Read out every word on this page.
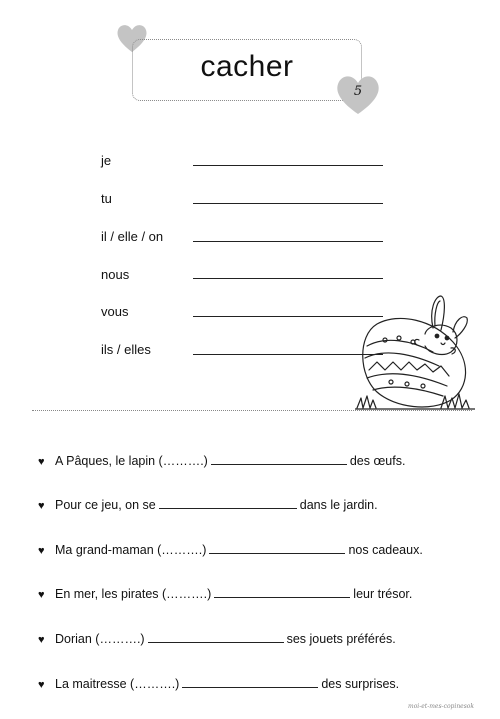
cacher
5
je
tu
il / elle / on
nous
vous
ils / elles
♥ A Pâques, le lapin (……….)	des œufs.
♥ Pour ce jeu, on se	dans le jardin.
♥ Ma grand-maman (……….)	nos cadeaux.
♥ En mer, les pirates (……….)	leur trésor.
♥ Dorian (……….)	ses jouets préférés.
♥ La maitresse (……….)	des surprises.
moi-et-mes-copinesok
